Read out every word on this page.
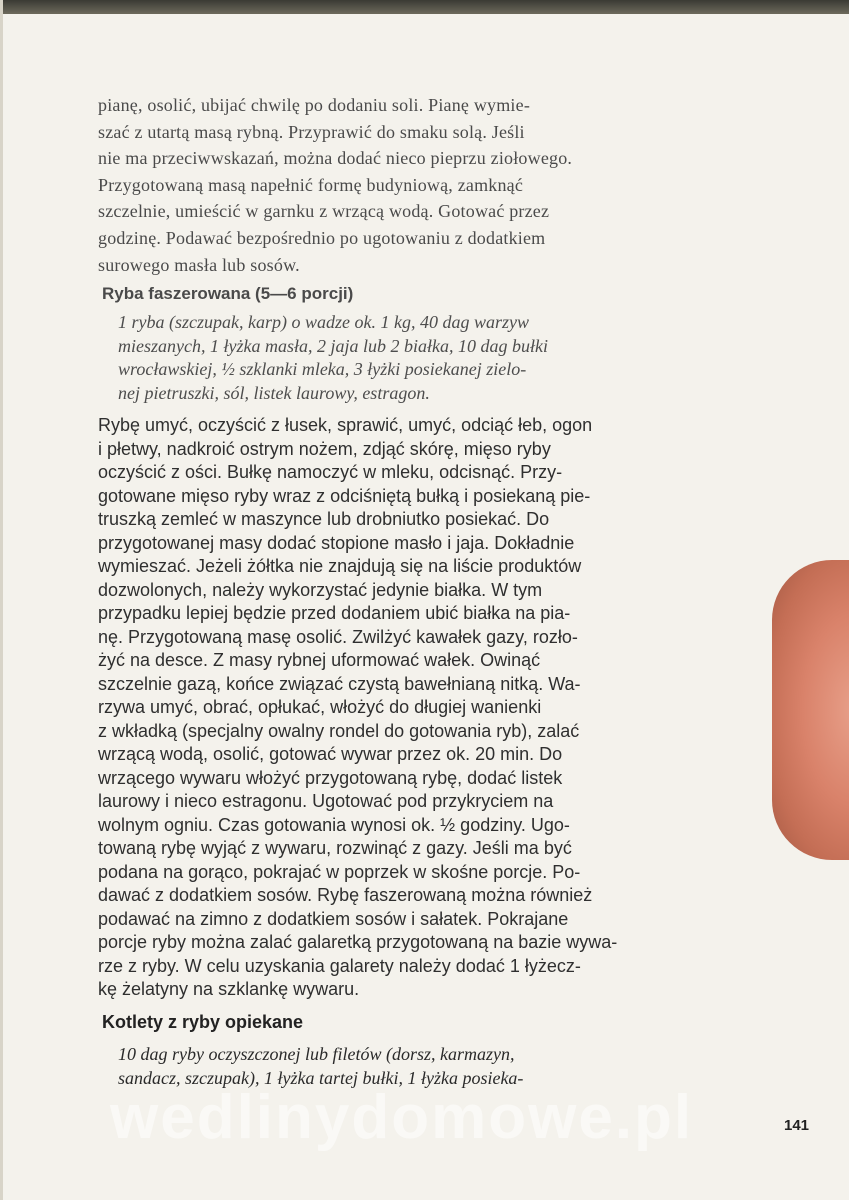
pianę, osolić, ubijać chwilę po dodaniu soli. Pianę wymie-
szać z utartą masą rybną. Przyprawić do smaku solą. Jeśli
nie ma przeciwwskazań, można dodać nieco pieprzu ziołowego.
Przygotowaną masą napełnić formę budyniową, zamknąć
szczelnie, umieścić w garnku z wrzącą wodą. Gotować przez
godzinę. Podawać bezpośrednio po ugotowaniu z dodatkiem
surowego masła lub sosów.
Ryba faszerowana (5—6 porcji)
1 ryba (szczupak, karp) o wadze ok. 1 kg, 40 dag warzyw
mieszanych, 1 łyżka masła, 2 jaja lub 2 białka, 10 dag bułki
wrocławskiej, ½ szklanki mleka, 3 łyżki posiekanej zielo-
nej pietruszki, sól, listek laurowy, estragon.
Rybę umyć, oczyścić z łusek, sprawić, umyć, odciąć łeb, ogon
i płetwy, nadkroić ostrym nożem, zdjąć skórę, mięso ryby
oczyścić z ości. Bułkę namoczyć w mleku, odcisnąć. Przy-
gotowane mięso ryby wraz z odciśniętą bułką i posiekaną pie-
truszką zemleć w maszynce lub drobniutko posiekać. Do
przygotowanej masy dodać stopione masło i jaja. Dokładnie
wymieszać. Jeżeli żółtka nie znajdują się na liście produktów
dozwolonych, należy wykorzystać jedynie białka. W tym
przypadku lepiej będzie przed dodaniem ubić białka na pia-
nę. Przygotowaną masę osolić. Zwilżyć kawałek gazy, rozło-
żyć na desce. Z masy rybnej uformować wałek. Owinąć
szczelnie gazą, końce związać czystą bawełnianą nitką. Wa-
rzywa umyć, obrać, opłukać, włożyć do długiej wanienki
z wkładką (specjalny owalny rondel do gotowania ryb), zalać
wrzącą wodą, osolić, gotować wywar przez ok. 20 min. Do
wrzącego wywaru włożyć przygotowaną rybę, dodać listek
laurowy i nieco estragonu. Ugotować pod przykryciem na
wolnym ogniu. Czas gotowania wynosi ok. ½ godziny. Ugo-
towaną rybę wyjąć z wywaru, rozwinąć z gazy. Jeśli ma być
podana na gorąco, pokrajać w poprzek w skośne porcje. Po-
dawać z dodatkiem sosów. Rybę faszerowaną można również
podawać na zimno z dodatkiem sosów i sałatek. Pokrajane
porcje ryby można zalać galaretką przygotowaną na bazie wywa-
rze z ryby. W celu uzyskania galarety należy dodać 1 łyżecz-
kę żelatyny na szklankę wywaru.
Kotlety z ryby opiekane
10 dag ryby oczyszczonej lub filetów (dorsz, karmazyn,
sandacz, szczupak), 1 łyżka tartej bułki, 1 łyżka posieka-

141

wedlinydomowe.pl
